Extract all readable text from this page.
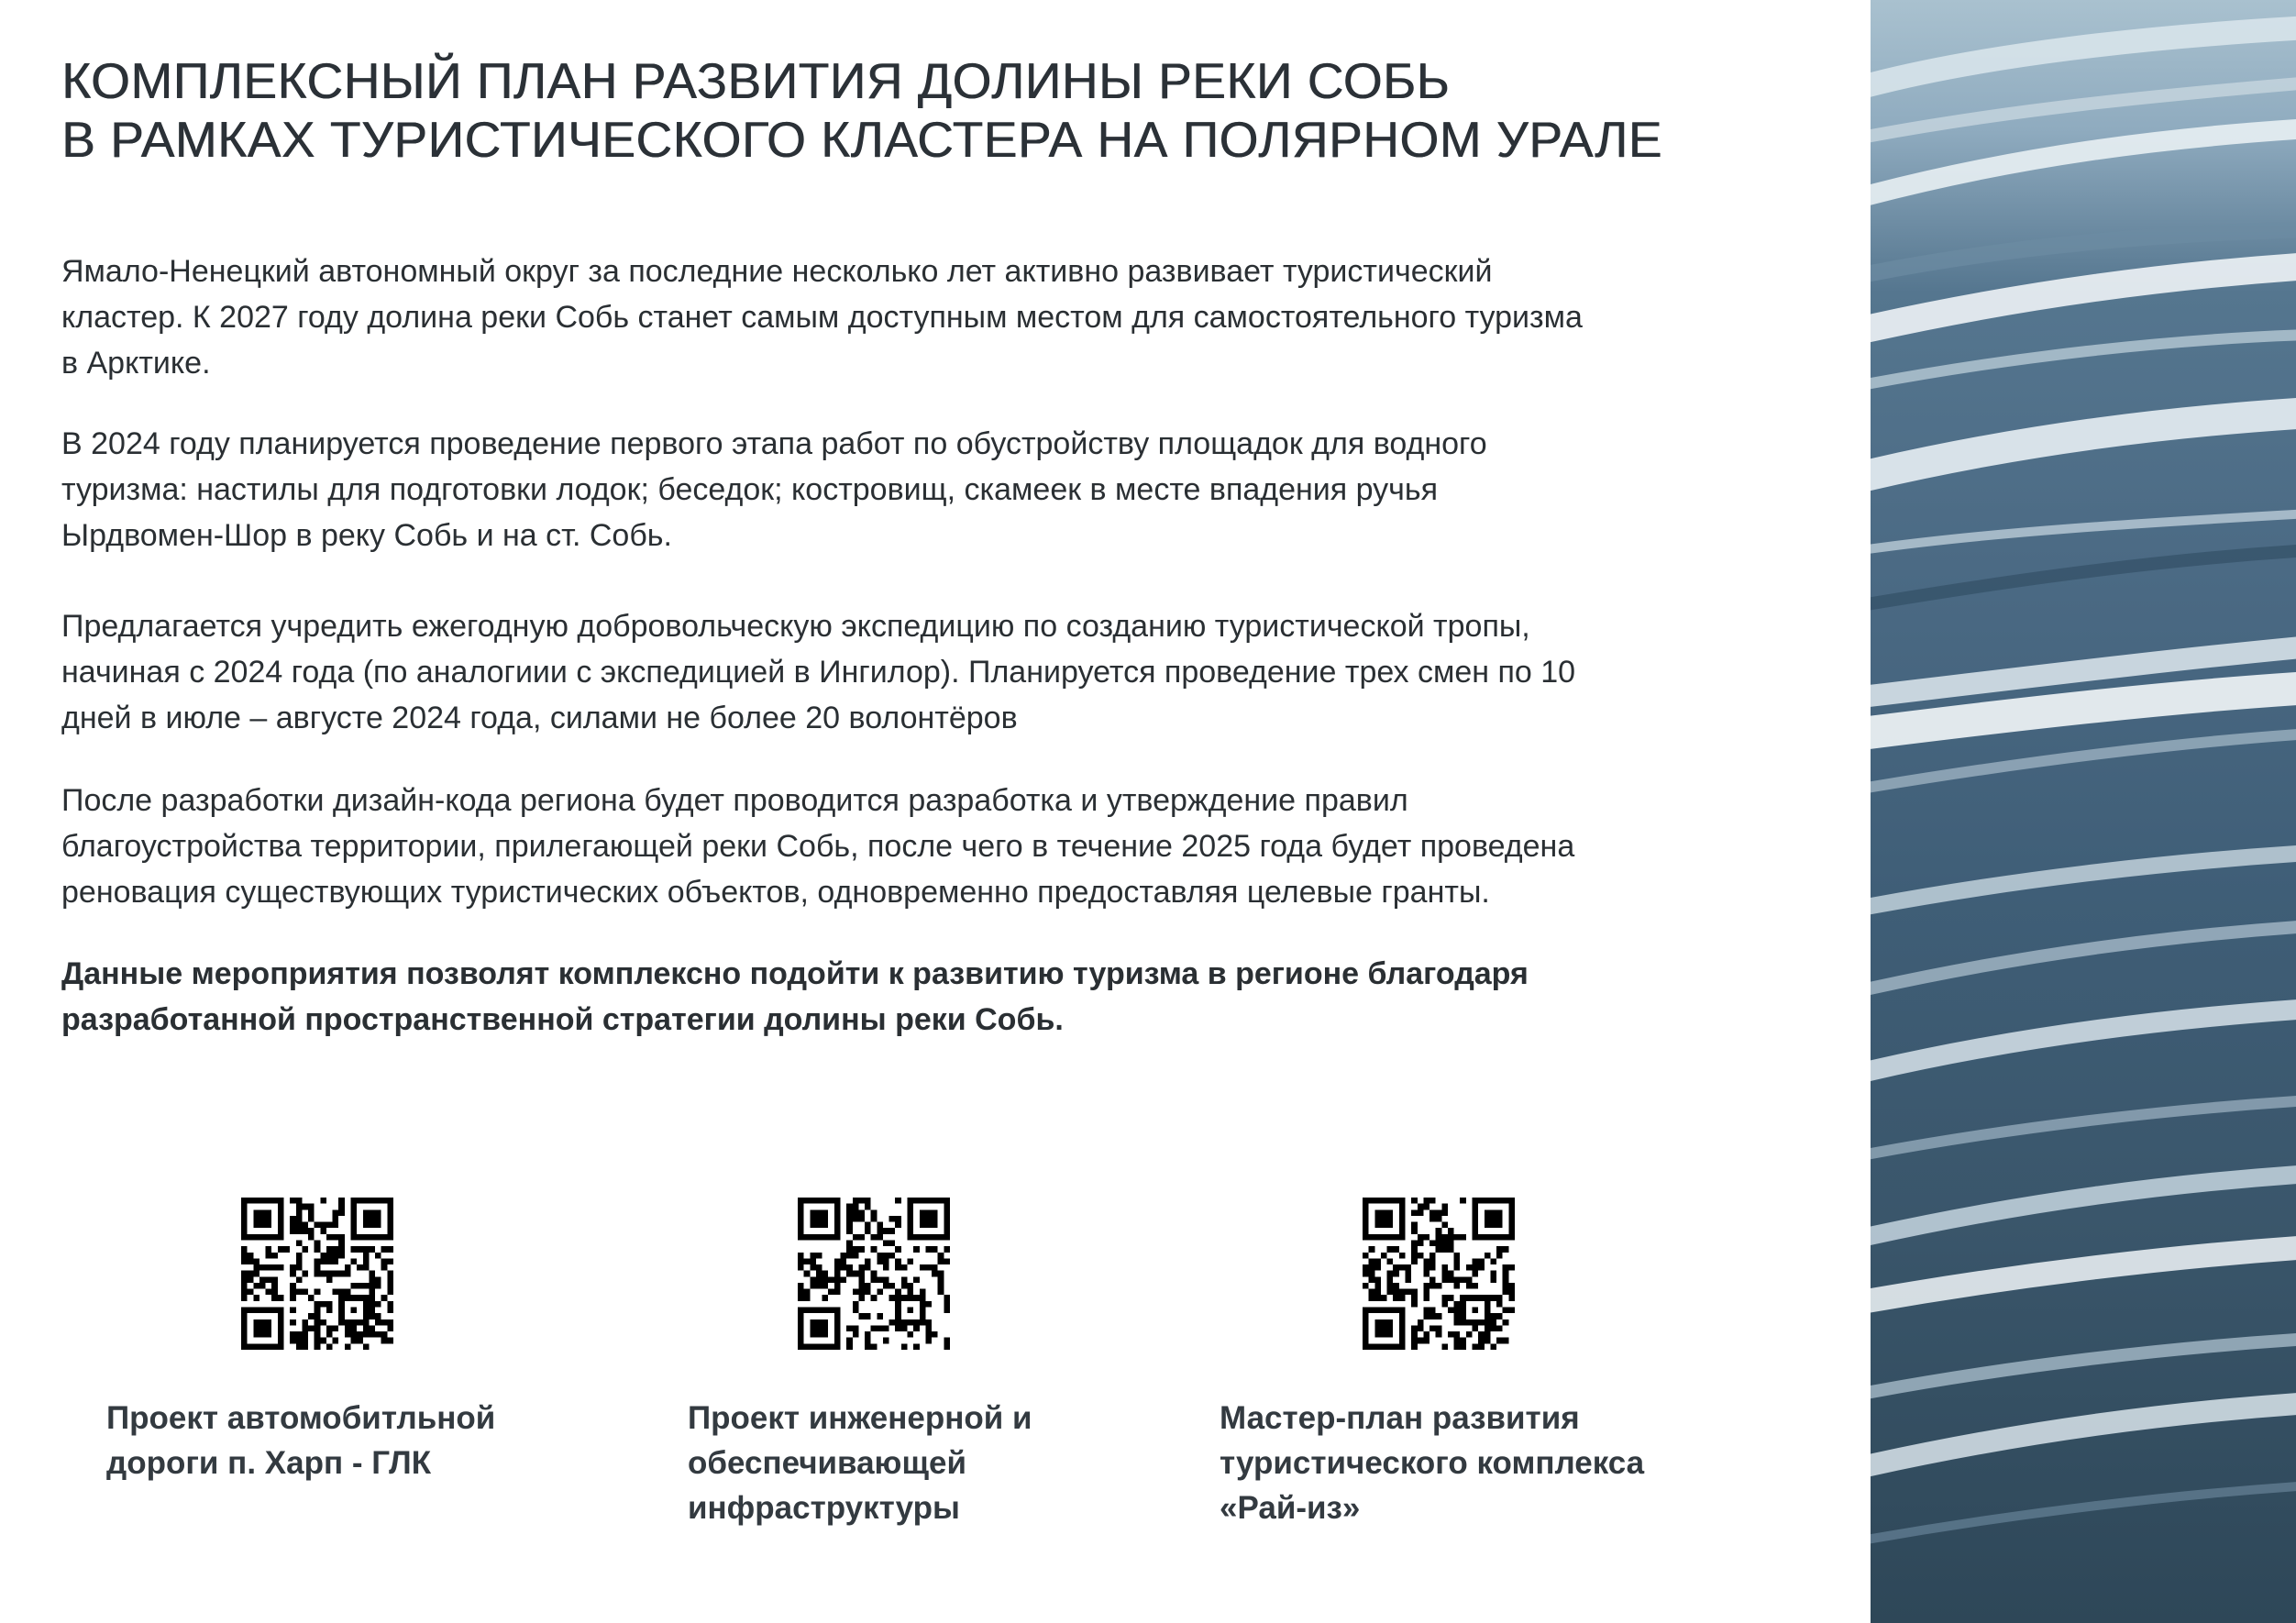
КОМПЛЕКСНЫЙ ПЛАН РАЗВИТИЯ ДОЛИНЫ РЕКИ СОБЬ
В РАМКАХ ТУРИСТИЧЕСКОГО КЛАСТЕРА НА ПОЛЯРНОМ УРАЛЕ

Ямало-Ненецкий автономный округ за последние несколько лет активно развивает туристический
кластер. К 2027 году долина реки Собь станет самым доступным местом для самостоятельного туризма
в Арктике.

В 2024 году планируется проведение первого этапа работ по обустройству площадок для водного
туризма: настилы для подготовки лодок; беседок; костровищ, скамеек в месте впадения ручья
Ырдвомен-Шор в реку Собь и на ст. Собь.

Предлагается учредить ежегодную добровольческую экспедицию по созданию туристической тропы,
начиная с 2024 года (по аналогиии с экспедицией в Ингилор). Планируется проведение трех смен по 10
дней в июле – августе 2024 года, силами не более 20 волонтёров

После разработки дизайн-кода региона будет проводится разработка и утверждение правил
благоустройства территории, прилегающей реки Собь, после чего в течение 2025 года будет проведена
реновация существующих туристических объектов, одновременно предоставляя целевые гранты.

Данные мероприятия позволят комплексно подойти к развитию туризма в регионе благодаря
разработанной пространственной стратегии долины реки Собь.

Проект автомобитльной
дороги п. Харп - ГЛК

Проект инженерной и
обеспечивающей
инфраструктуры

Мастер-план развития
туристического комплекса
«Рай-из»
